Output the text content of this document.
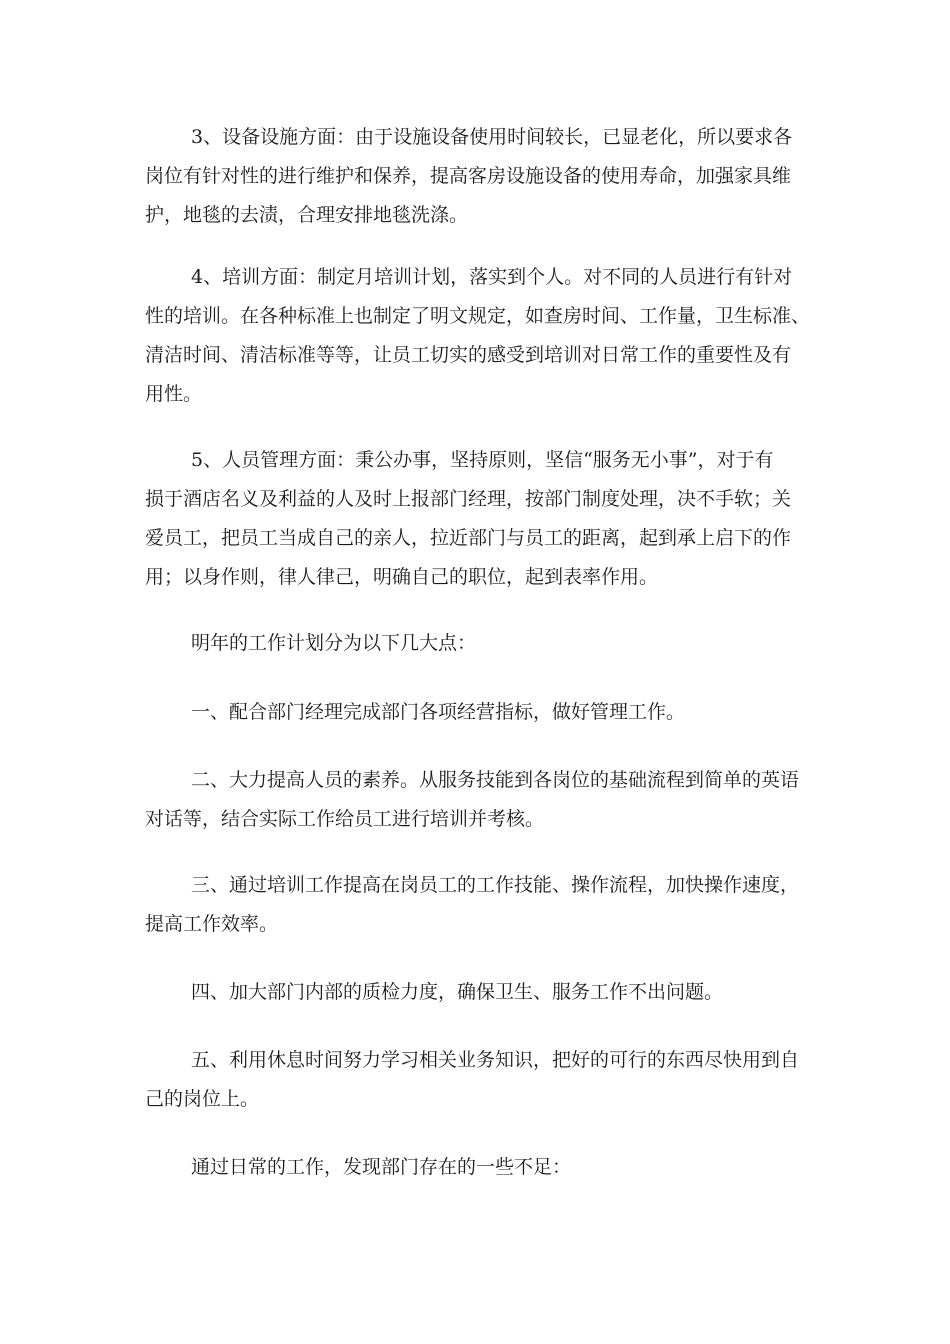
3、设备设施方面：由于设施设备使用时间较长，已显老化，所以要求各
岗位有针对性的进行维护和保养，提高客房设施设备的使用寿命，加强家具维
护，地毯的去渍，合理安排地毯洗涤。
4、培训方面：制定月培训计划，落实到个人。对不同的人员进行有针对
性的培训。在各种标准上也制定了明文规定，如查房时间、工作量，卫生标准、
清洁时间、清洁标准等等，让员工切实的感受到培训对日常工作的重要性及有
用性。
5、人员管理方面：秉公办事，坚持原则，坚信“服务无小事”，对于有
损于酒店名义及利益的人及时上报部门经理，按部门制度处理，决不手软；关
爱员工，把员工当成自己的亲人，拉近部门与员工的距离，起到承上启下的作
用；以身作则，律人律己，明确自己的职位，起到表率作用。
明年的工作计划分为以下几大点：
一、配合部门经理完成部门各项经营指标，做好管理工作。
二、大力提高人员的素养。从服务技能到各岗位的基础流程到简单的英语
对话等，结合实际工作给员工进行培训并考核。
三、通过培训工作提高在岗员工的工作技能、操作流程，加快操作速度，
提高工作效率。
四、加大部门内部的质检力度，确保卫生、服务工作不出问题。
五、利用休息时间努力学习相关业务知识，把好的可行的东西尽快用到自
己的岗位上。
通过日常的工作，发现部门存在的一些不足：
